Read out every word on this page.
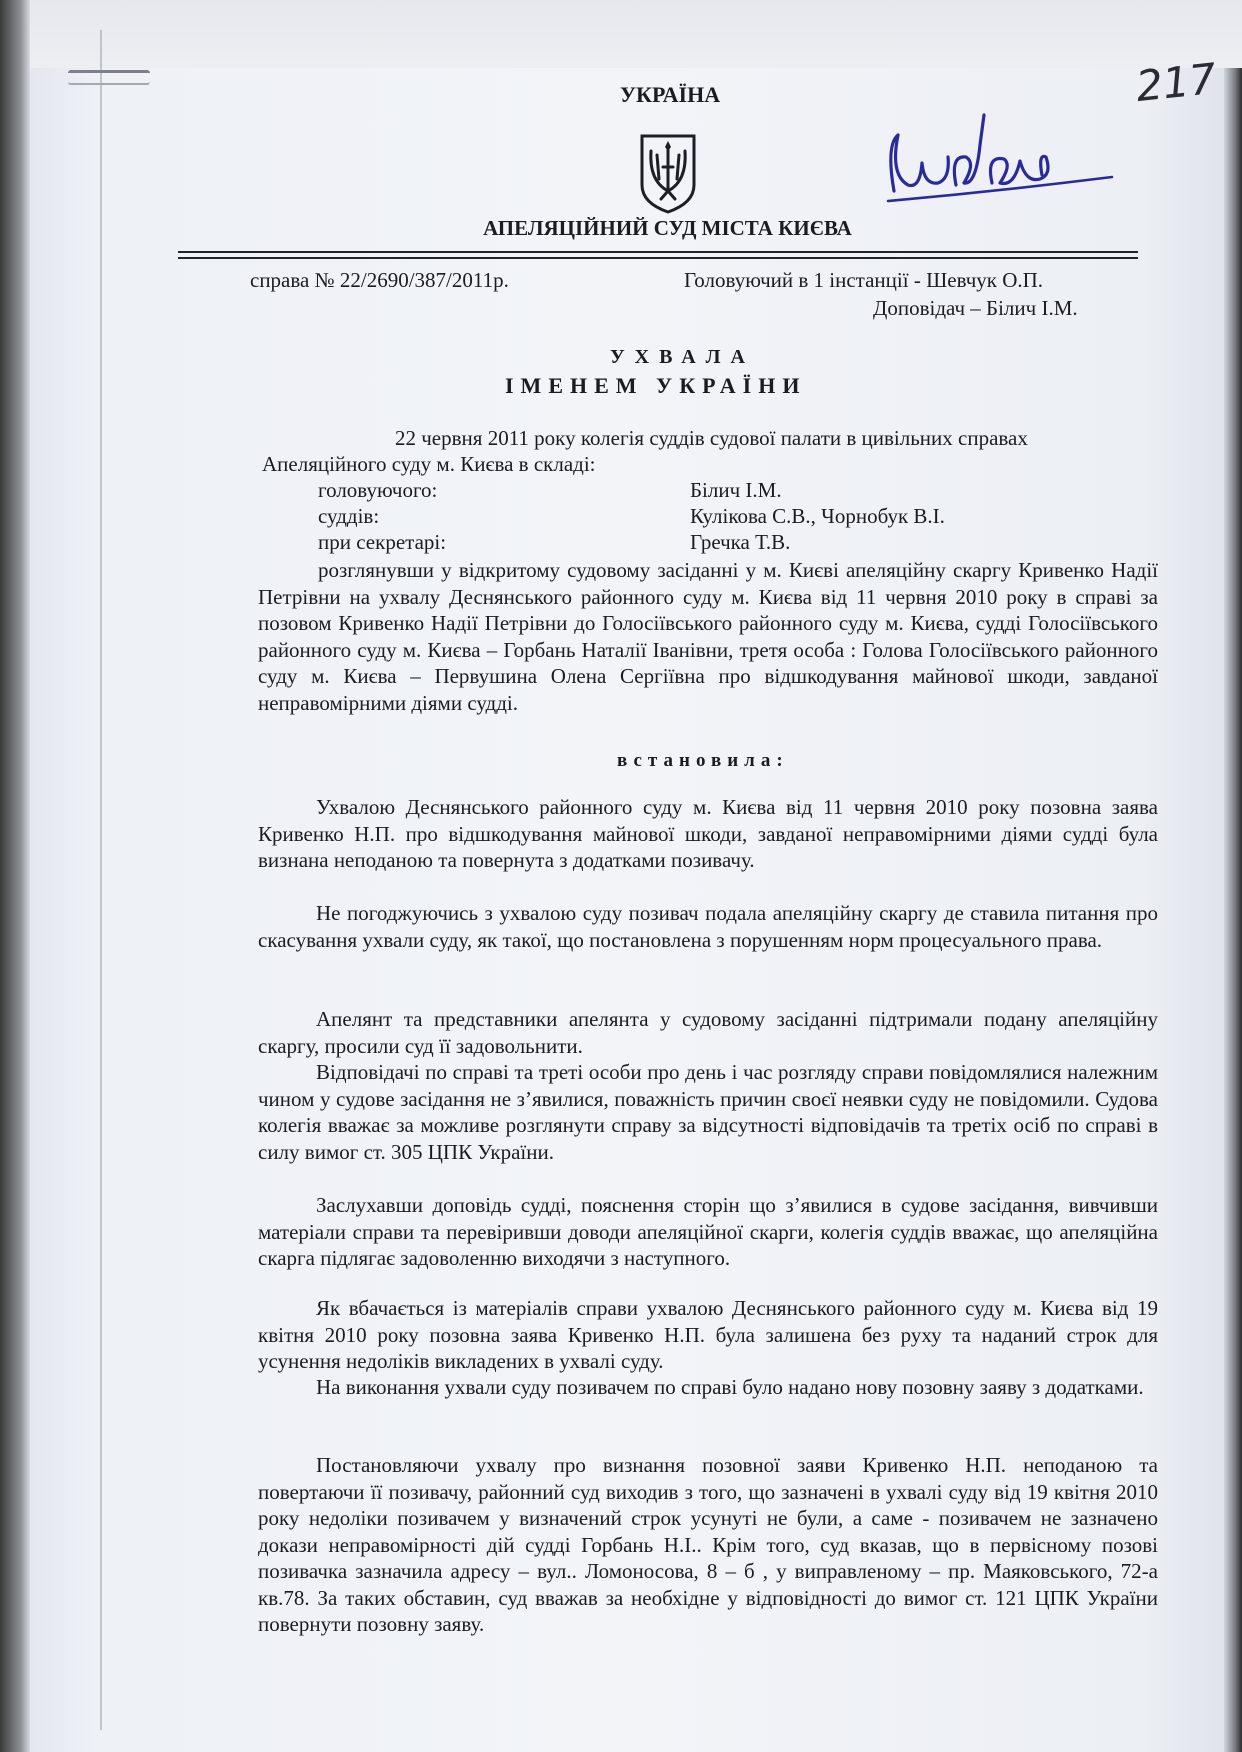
УКРАЇНА
АПЕЛЯЦІЙНИЙ СУД МІСТА КИЄВА
217
справа № 22/2690/387/2011р.	Головуючий в 1 інстанції - Шевчук О.П.
Доповідач – Білич І.М.
УХВАЛА
ІМЕНЕМ УКРАЇНИ
22 червня 2011 року колегія суддів судової палати в цивільних справах
Апеляційного суду м. Києва в складі:
головуючого:	Білич І.М.
суддів:	Кулікова С.В., Чорнобук В.І.
при секретарі:	Гречка Т.В.
розглянувши у відкритому судовому засіданні у м. Києві апеляційну скаргу Кривенко Надії Петрівни на ухвалу Деснянського районного суду м. Києва від 11 червня 2010 року в справі за позовом Кривенко Надії Петрівни до Голосіївського районного суду м. Києва, судді Голосіївського районного суду м. Києва – Горбань Наталії Іванівни, третя особа : Голова Голосіївського районного суду м. Києва – Первушина Олена Сергіївна про відшкодування майнової шкоди, завданої неправомірними діями судді.
встановила:
Ухвалою Деснянського районного суду м. Києва від 11 червня 2010 року позовна заява Кривенко Н.П. про відшкодування майнової шкоди, завданої неправомірними діями судді була визнана неподаною та повернута з додатками позивачу.
Не погоджуючись з ухвалою суду позивач подала апеляційну скаргу де ставила питання про скасування ухвали суду, як такої, що постановлена з порушенням норм процесуального права.
Апелянт та представники апелянта у судовому засіданні підтримали подану апеляційну скаргу, просили суд її задовольнити.
Відповідачі по справі та треті особи про день і час розгляду справи повідомлялися належним чином у судове засідання не з’явилися, поважність причин своєї неявки суду не повідомили. Судова колегія вважає за можливе розглянути справу за відсутності відповідачів та третіх осіб по справі в силу вимог ст. 305 ЦПК України.
Заслухавши доповідь судді, пояснення сторін що з’явилися в судове засідання, вивчивши матеріали справи та перевіривши доводи апеляційної скарги, колегія суддів вважає, що апеляційна скарга підлягає задоволенню виходячи з наступного.
Як вбачається із матеріалів справи ухвалою Деснянського районного суду м. Києва від 19 квітня 2010 року позовна заява Кривенко Н.П. була залишена без руху та наданий строк для усунення недоліків викладених в ухвалі суду.
На виконання ухвали суду позивачем по справі було надано нову позовну заяву з додатками.
Постановляючи ухвалу про визнання позовної заяви Кривенко Н.П. неподаною та повертаючи її позивачу, районний суд виходив з того, що зазначені в ухвалі суду від 19 квітня 2010 року недоліки позивачем у визначений строк усунуті не були, а саме - позивачем не зазначено докази неправомірності дій судді Горбань Н.І.. Крім того, суд вказав, що в первісному позові позивачка зазначила адресу – вул.. Ломоносова, 8 – б , у виправленому – пр. Маяковського, 72-а кв.78. За таких обставин, суд вважав за необхідне у відповідності до вимог ст. 121 ЦПК України повернути позовну заяву.
